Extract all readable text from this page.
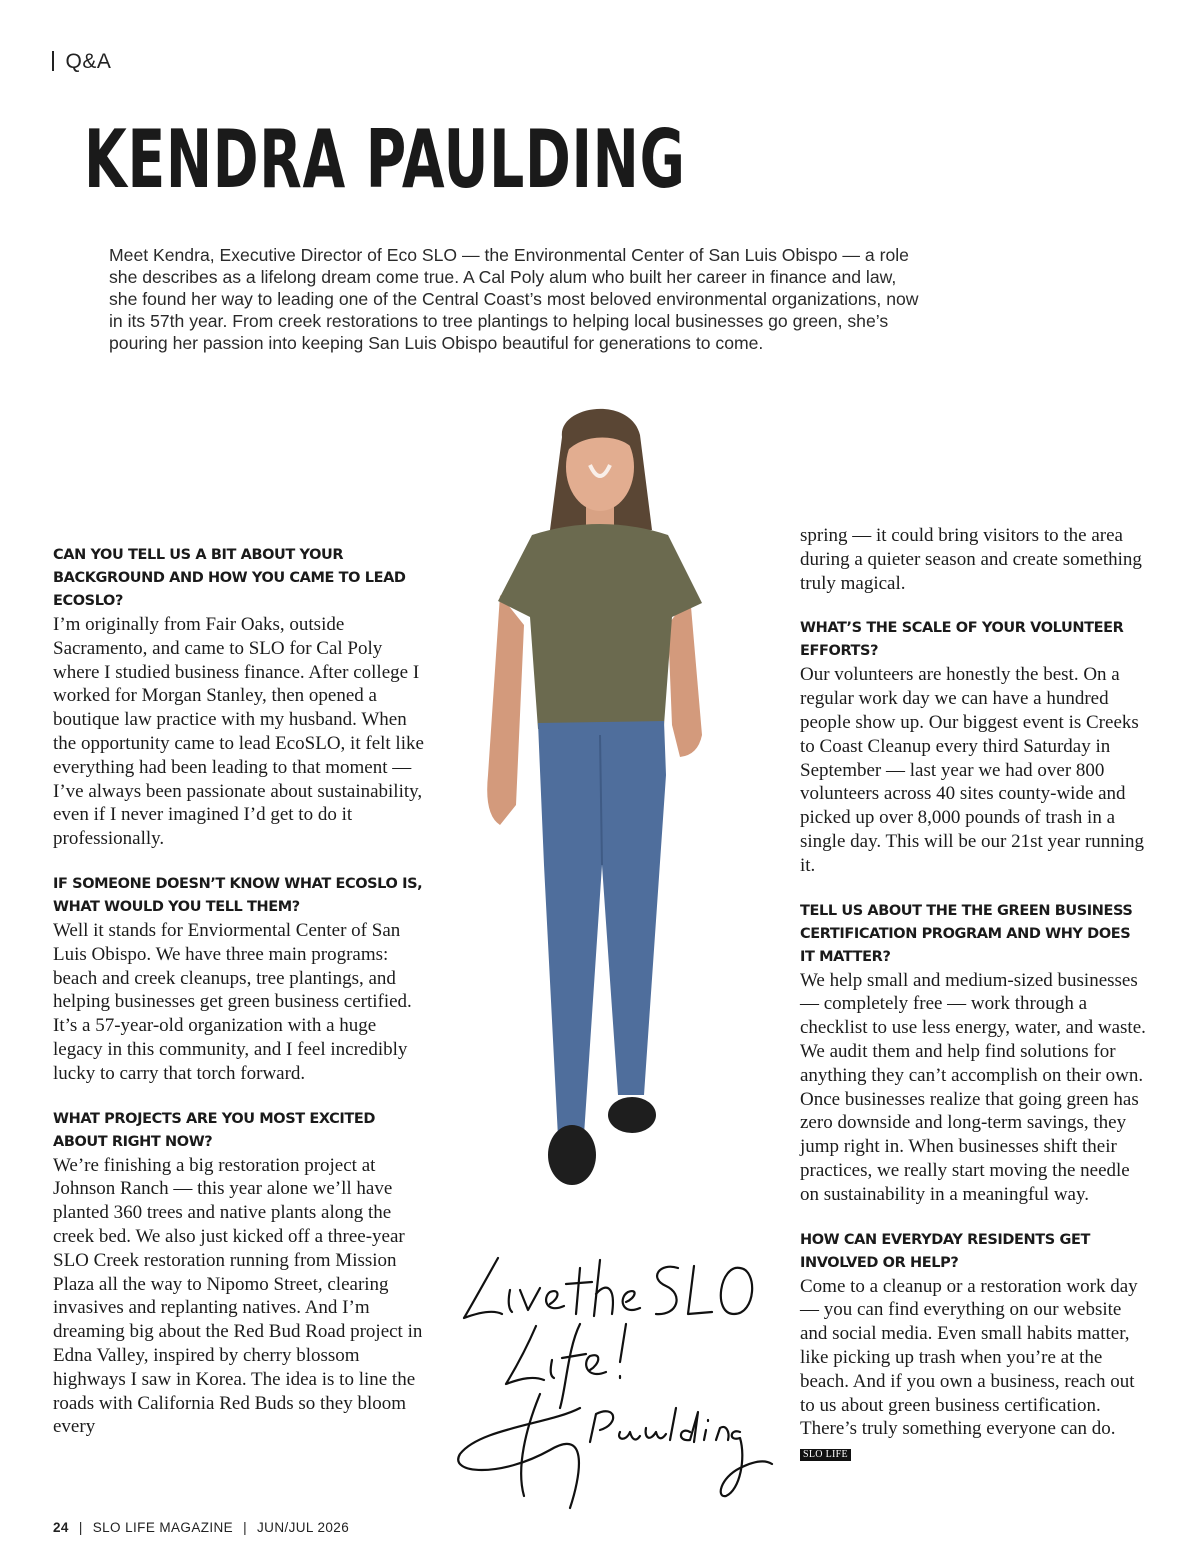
Q&A
KENDRA PAULDING

Meet Kendra, Executive Director of Eco SLO — the Environmental Center of San Luis Obispo — a role she describes as a lifelong dream come true. A Cal Poly alum who built her career in finance and law, she found her way to leading one of the Central Coast’s most beloved environmental organizations, now in its 57th year. From creek restorations to tree plantings to helping local businesses go green, she’s pouring her passion into keeping San Luis Obispo beautiful for generations to come.

CAN YOU TELL US A BIT ABOUT YOUR BACKGROUND AND HOW YOU CAME TO LEAD ECOSLO?

I’m originally from Fair Oaks, outside Sacramento, and came to SLO for Cal Poly where I studied business finance. After college I worked for Morgan Stanley, then opened a boutique law practice with my husband. When the opportunity came to lead EcoSLO, it felt like everything had been leading to that moment — I’ve always been passionate about sustainability, even if I never imagined I’d get to do it professionally.

IF SOMEONE DOESN’T KNOW WHAT ECOSLO IS, WHAT WOULD YOU TELL THEM?

Well it stands for Enviormental Center of San Luis Obispo. We have three main programs: beach and creek cleanups, tree plantings, and helping businesses get green business certified. It’s a 57-year-old organization with a huge legacy in this community, and I feel incredibly lucky to carry that torch forward.

WHAT PROJECTS ARE YOU MOST EXCITED ABOUT RIGHT NOW?

We’re finishing a big restoration project at Johnson Ranch — this year alone we’ll have planted 360 trees and native plants along the creek bed. We also just kicked off a three-year SLO Creek restoration running from Mission Plaza all the way to Nipomo Street, clearing invasives and replanting natives. And I’m dreaming big about the Red Bud Road project in Edna Valley, inspired by cherry blossom highways I saw in Korea. The idea is to line the roads with California Red Buds so they bloom every

spring — it could bring visitors to the area during a quieter season and create something truly magical.

WHAT’S THE SCALE OF YOUR VOLUNTEER EFFORTS?

Our volunteers are honestly the best. On a regular work day we can have a hundred people show up. Our biggest event is Creeks to Coast Cleanup every third Saturday in September — last year we had over 800 volunteers across 40 sites county-wide and picked up over 8,000 pounds of trash in a single day. This will be our 21st year running it.

TELL US ABOUT THE THE GREEN BUSINESS CERTIFICATION PROGRAM AND WHY DOES IT MATTER?

We help small and medium-sized businesses — completely free — work through a checklist to use less energy, water, and waste. We audit them and help find solutions for anything they can’t accomplish on their own. Once businesses realize that going green has zero downside and long-term savings, they jump right in. When businesses shift their practices, we really start moving the needle on sustainability in a meaningful way.

HOW CAN EVERYDAY RESIDENTS GET INVOLVED OR HELP?

Come to a cleanup or a restoration work day — you can find everything on our website and social media. Even small habits matter, like picking up trash when you’re at the beach. And if you own a business, reach out to us about green business certification. There’s truly something everyone can do. SLO LIFE

24 | SLO LIFE MAGAZINE | JUN/JUL 2026
